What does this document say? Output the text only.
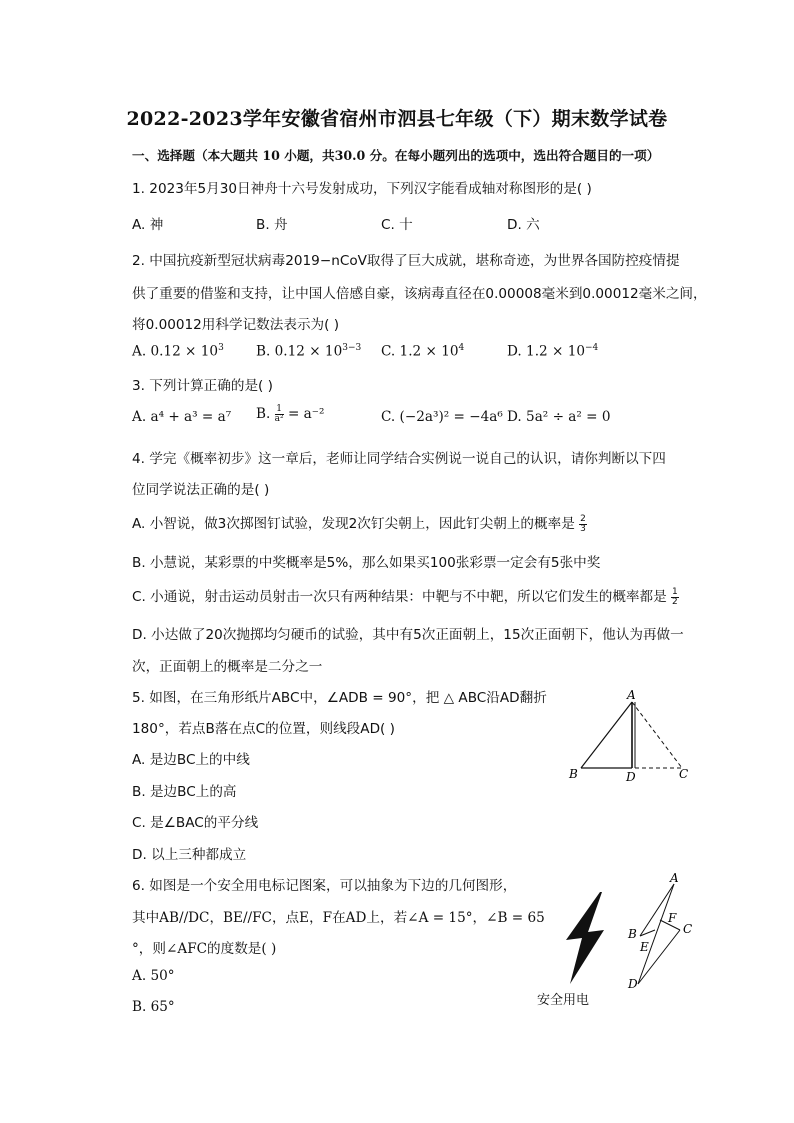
2022-2023学年安徽省宿州市泗县七年级（下）期末数学试卷
一、选择题（本大题共 10 小题，共30.0 分。在每小题列出的选项中，选出符合题目的一项）
1. 2023年5月30日神舟十六号发射成功，下列汉字能看成轴对称图形的是( )
A. 神	B. 舟	C. 十	D. 六
2. 中国抗疫新型冠状病毒2019−nCoV取得了巨大成就，堪称奇迹，为世界各国防控疫情提
供了重要的借鉴和支持，让中国人倍感自豪，该病毒直径在0.00008毫米到0.00012毫米之间，
将0.00012用科学记数法表示为( )
A. $0.12 \times 10^3$ B. $0.12 \times 10^{3-3}$ C. $1.2 \times 10^4$	D. $1.2 \times 10^{-4}$
3. 下列计算正确的是( )
A. a⁴ + a³ = a⁷ B. $\frac{1}{\text{a²}} = a^{-2}$	C. (−2a³)² = −4a⁶ D. 5a² ÷ a² = 0
4. 学完《概率初步》这一章后，老师让同学结合实例说一说自己的认识，请你判断以下四
位同学说法正确的是( )
A. 小智说，做3次掷图钉试验，发现2次钉尖朝上，因此钉尖朝上的概率是 $\frac{2}{3}$
B. 小慧说，某彩票的中奖概率是5%，那么如果买100张彩票一定会有5张中奖
C. 小通说，射击运动员射击一次只有两种结果：中靶与不中靶，所以它们发生的概率都是 $\frac{1}{2}$
D. 小达做了20次抛掷均匀硬币的试验，其中有5次正面朝上，15次正面朝下，他认为再做一
次，正面朝上的概率是二分之一
5. 如图，在三角形纸片ABC中，∠ADB = 90°，把 △ ABC沿AD翻折
180°，若点B落在点C的位置，则线段AD( )
A. 是边BC上的中线
B. 是边BC上的高
C. 是∠BAC的平分线
D. 以上三种都成立
A
B	D	C
6. 如图是一个安全用电标记图案，可以抽象为下边的几何图形，
其中AB//DC，BE//FC，点E，F在AD上，若∠A = 15°，∠B = 65
°，则∠AFC的度数是( )
A. 50°
B. 65°	安全用电
A
B
E
F
C
D
